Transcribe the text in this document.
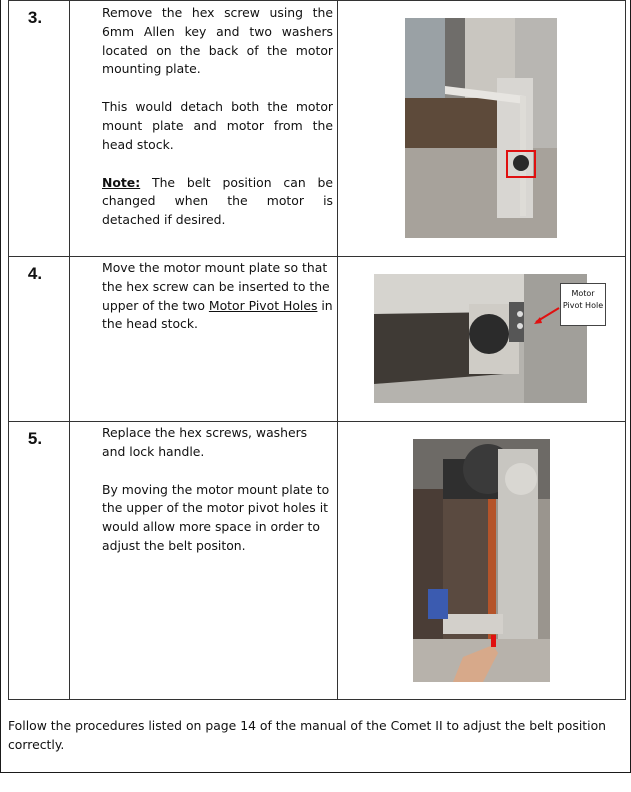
3.	Remove the hex screw using the 6mm Allen key and two washers located on the back of the motor mounting plate.

This would detach both the motor mount plate and motor from the head stock.

Note: The belt position can be changed when the motor is detached if desired.

4.	Move the motor mount plate so that the hex screw can be inserted to the upper of the two Motor Pivot Holes in the head stock.	Motor Pivot Hole

5.	Replace the hex screws, washers and lock handle.

By moving the motor mount plate to the upper of the motor pivot holes it would allow more space in order to adjust the belt positon.

Follow the procedures listed on page 14 of the manual of the Comet II to adjust the belt position correctly.
